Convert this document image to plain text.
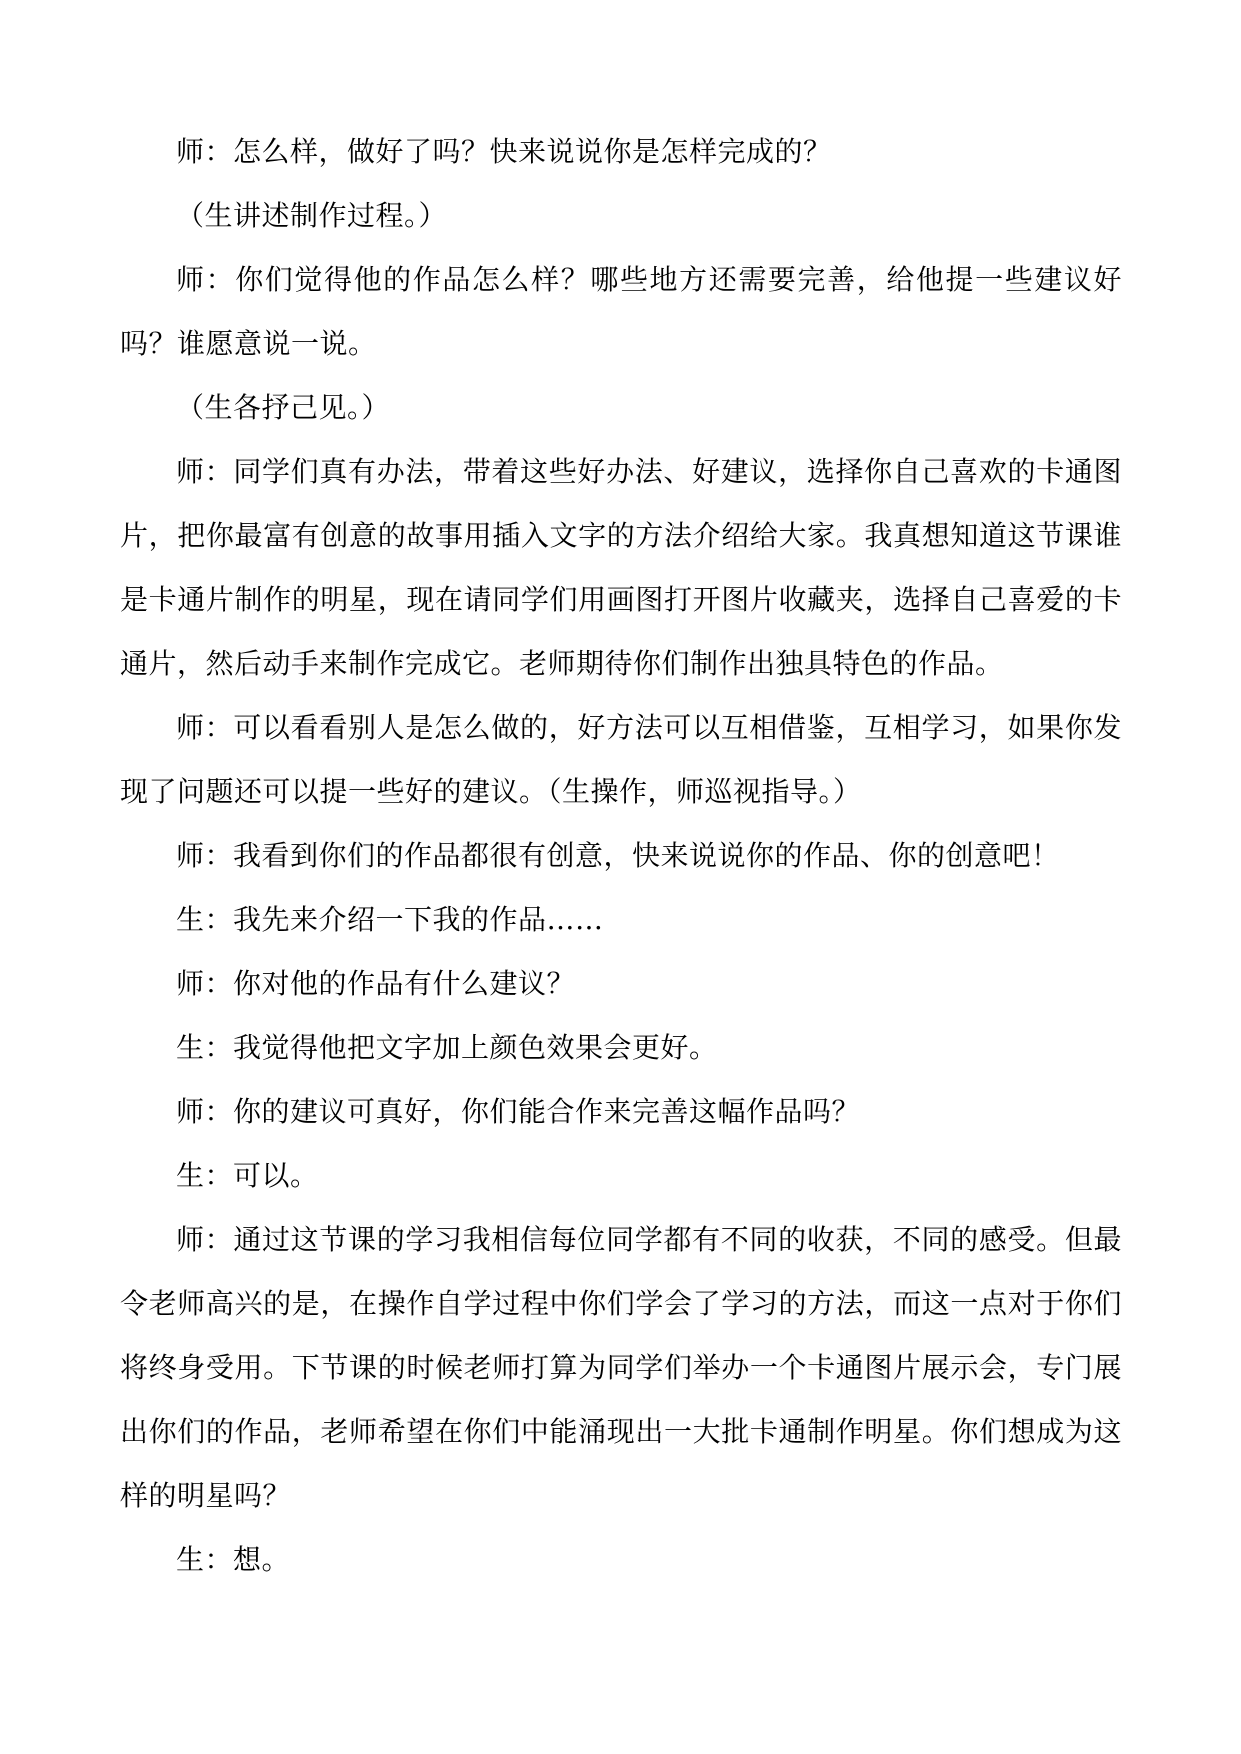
师：怎么样，做好了吗？快来说说你是怎样完成的？

（生讲述制作过程。）

师：你们觉得他的作品怎么样？哪些地方还需要完善，给他提一些建议好吗？谁愿意说一说。

（生各抒己见。）

师：同学们真有办法，带着这些好办法、好建议，选择你自己喜欢的卡通图片，把你最富有创意的故事用插入文字的方法介绍给大家。我真想知道这节课谁是卡通片制作的明星，现在请同学们用画图打开图片收藏夹，选择自己喜爱的卡通片，然后动手来制作完成它。老师期待你们制作出独具特色的作品。

师：可以看看别人是怎么做的，好方法可以互相借鉴，互相学习，如果你发现了问题还可以提一些好的建议。（生操作，师巡视指导。）

师：我看到你们的作品都很有创意，快来说说你的作品、你的创意吧！

生：我先来介绍一下我的作品……

师：你对他的作品有什么建议？

生：我觉得他把文字加上颜色效果会更好。

师：你的建议可真好，你们能合作来完善这幅作品吗？

生：可以。

师：通过这节课的学习我相信每位同学都有不同的收获，不同的感受。但最令老师高兴的是，在操作自学过程中你们学会了学习的方法，而这一点对于你们将终身受用。下节课的时候老师打算为同学们举办一个卡通图片展示会，专门展出你们的作品，老师希望在你们中能涌现出一大批卡通制作明星。你们想成为这样的明星吗？

生：想。
